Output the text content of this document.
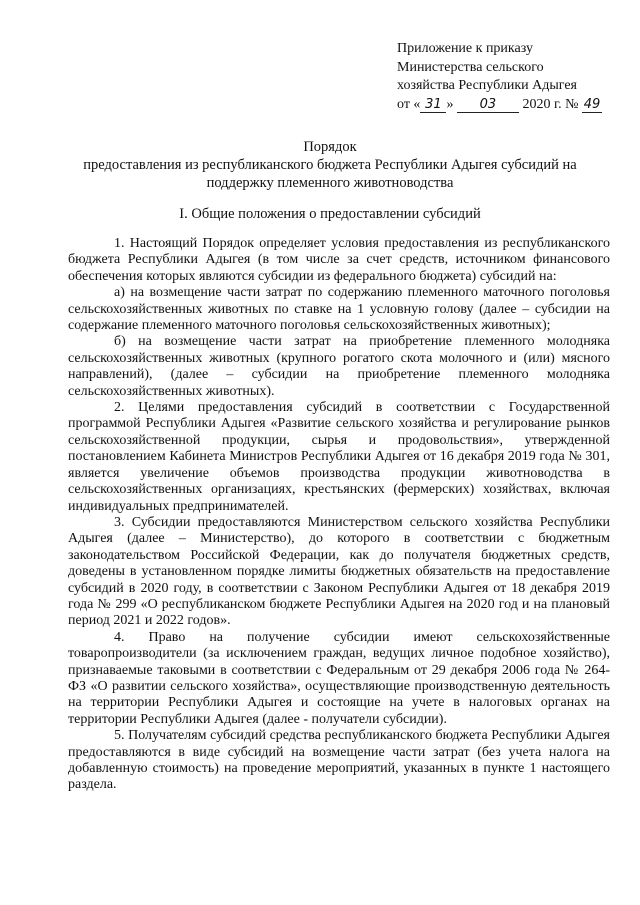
Приложение к приказу
Министерства сельского
хозяйства Республики Адыгея
от « 31 » 03 2020 г. № 49
Порядок
предоставления из республиканского бюджета Республики Адыгея субсидий на
поддержку племенного животноводства
I. Общие положения о предоставлении субсидий

1. Настоящий Порядок определяет условия предоставления из республиканского бюджета Республики Адыгея (в том числе за счет средств, источником финансового обеспечения которых являются субсидии из федерального бюджета) субсидий на:

а) на возмещение части затрат по содержанию племенного маточного поголовья сельскохозяйственных животных по ставке на 1 условную голову (далее – субсидии на содержание племенного маточного поголовья сельскохозяйственных животных);

б) на возмещение части затрат на приобретение племенного молодняка сельскохозяйственных животных (крупного рогатого скота молочного и (или) мясного направлений), (далее – субсидии на приобретение племенного молодняка сельскохозяйственных животных).

2. Целями предоставления субсидий в соответствии с Государственной программой Республики Адыгея «Развитие сельского хозяйства и регулирование рынков сельскохозяйственной продукции, сырья и продовольствия», утвержденной постановлением Кабинета Министров Республики Адыгея от 16 декабря 2019 года № 301, является увеличение объемов производства продукции животноводства в сельскохозяйственных организациях, крестьянских (фермерских) хозяйствах, включая индивидуальных предпринимателей.

3. Субсидии предоставляются Министерством сельского хозяйства Республики Адыгея (далее – Министерство), до которого в соответствии с бюджетным законодательством Российской Федерации, как до получателя бюджетных средств, доведены в установленном порядке лимиты бюджетных обязательств на предоставление субсидий в 2020 году, в соответствии с Законом Республики Адыгея от 18 декабря 2019 года № 299 «О республиканском бюджете Республики Адыгея на 2020 год и на плановый период 2021 и 2022 годов».

4. Право на получение субсидии имеют сельскохозяйственные товаропроизводители (за исключением граждан, ведущих личное подобное хозяйство), признаваемые таковыми в соответствии с Федеральным от 29 декабря 2006 года № 264-ФЗ «О развитии сельского хозяйства», осуществляющие производственную деятельность на территории Республики Адыгея и состоящие на учете в налоговых органах на территории Республики Адыгея (далее - получатели субсидии).

5. Получателям субсидий средства республиканского бюджета Республики Адыгея предоставляются в виде субсидий на возмещение части затрат (без учета налога на добавленную стоимость) на проведение мероприятий, указанных в пункте 1 настоящего раздела.
